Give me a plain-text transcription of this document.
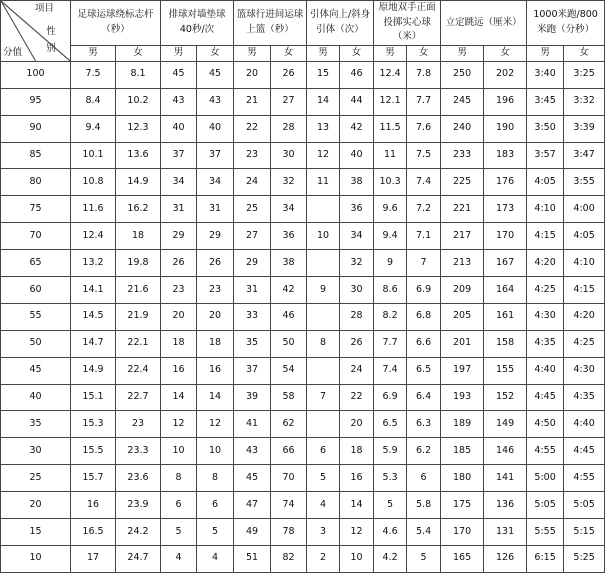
项目
性别
分值	足球运球绕标志杆（秒）		排球对墙垫球40秒/次		篮球行进间运球上篮（秒）		引体向上/斜身引体（次）		原地双手正面投掷实心球（米）		立定跳远（厘米）		1000米跑/800米跑（分秒）	

	男	女	男	女	男	女	男	女	男	女	男	女	男	女
100	7.5	8.1	45	45	20	26	15	46	12.4	7.8	250	202	3:40	3:25
95	8.4	10.2	43	43	21	27	14	44	12.1	7.7	245	196	3:45	3:32
90	9.4	12.3	40	40	22	28	13	42	11.5	7.6	240	190	3:50	3:39
85	10.1	13.6	37	37	23	30	12	40	11	7.5	233	183	3:57	3:47
80	10.8	14.9	34	34	24	32	11	38	10.3	7.4	225	176	4:05	3:55
75	11.6	16.2	31	31	25	34		36	9.6	7.2	221	173	4:10	4:00
70	12.4	18	29	29	27	36	10	34	9.4	7.1	217	170	4:15	4:05
65	13.2	19.8	26	26	29	38		32	9	7	213	167	4:20	4:10
60	14.1	21.6	23	23	31	42	9	30	8.6	6.9	209	164	4:25	4:15
55	14.5	21.9	20	20	33	46		28	8.2	6.8	205	161	4:30	4:20
50	14.7	22.1	18	18	35	50	8	26	7.7	6.6	201	158	4:35	4:25
45	14.9	22.4	16	16	37	54		24	7.4	6.5	197	155	4:40	4:30
40	15.1	22.7	14	14	39	58	7	22	6.9	6.4	193	152	4:45	4:35
35	15.3	23	12	12	41	62		20	6.5	6.3	189	149	4:50	4:40
30	15.5	23.3	10	10	43	66	6	18	5.9	6.2	185	146	4:55	4:45
25	15.7	23.6	8	8	45	70	5	16	5.3	6	180	141	5:00	4:55
20	16	23.9	6	6	47	74	4	14	5	5.8	175	136	5:05	5:05
15	16.5	24.2	5	5	49	78	3	12	4.6	5.4	170	131	5:55	5:15
10	17	24.7	4	4	51	82	2	10	4.2	5	165	126	6:15	5:25
